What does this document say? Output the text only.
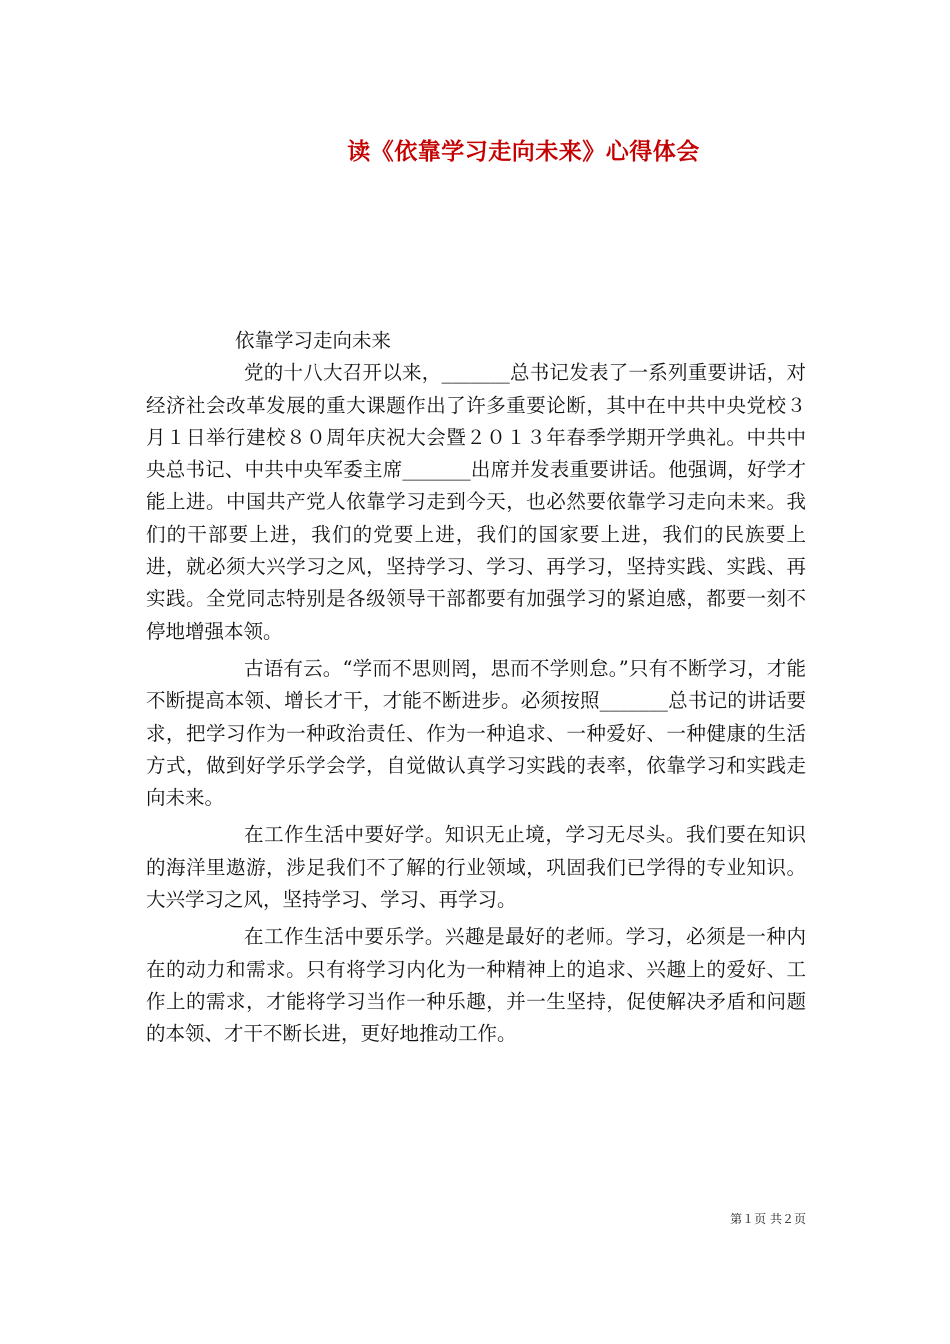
读《依靠学习走向未来》心得体会

依靠学习走向未来

党的十八大召开以来，_______总书记发表了一系列重要讲话，对经济社会改革发展的重大课题作出了许多重要论断，其中在中共中央党校３月１日举行建校８０周年庆祝大会暨２０１３年春季学期开学典礼。中共中央总书记、中共中央军委主席_______出席并发表重要讲话。他强调，好学才能上进。中国共产党人依靠学习走到今天，也必然要依靠学习走向未来。我们的干部要上进，我们的党要上进，我们的国家要上进，我们的民族要上进，就必须大兴学习之风，坚持学习、学习、再学习，坚持实践、实践、再实践。全党同志特别是各级领导干部都要有加强学习的紧迫感，都要一刻不停地增强本领。

古语有云。“学而不思则罔，思而不学则怠。”只有不断学习，才能不断提高本领、增长才干，才能不断进步。必须按照_______总书记的讲话要求，把学习作为一种政治责任、作为一种追求、一种爱好、一种健康的生活方式，做到好学乐学会学，自觉做认真学习实践的表率，依靠学习和实践走向未来。

在工作生活中要好学。知识无止境，学习无尽头。我们要在知识的海洋里遨游，涉足我们不了解的行业领域，巩固我们已学得的专业知识。大兴学习之风，坚持学习、学习、再学习。

在工作生活中要乐学。兴趣是最好的老师。学习，必须是一种内在的动力和需求。只有将学习内化为一种精神上的追求、兴趣上的爱好、工作上的需求，才能将学习当作一种乐趣，并一生坚持，促使解决矛盾和问题的本领、才干不断长进，更好地推动工作。

第１页 共２页
